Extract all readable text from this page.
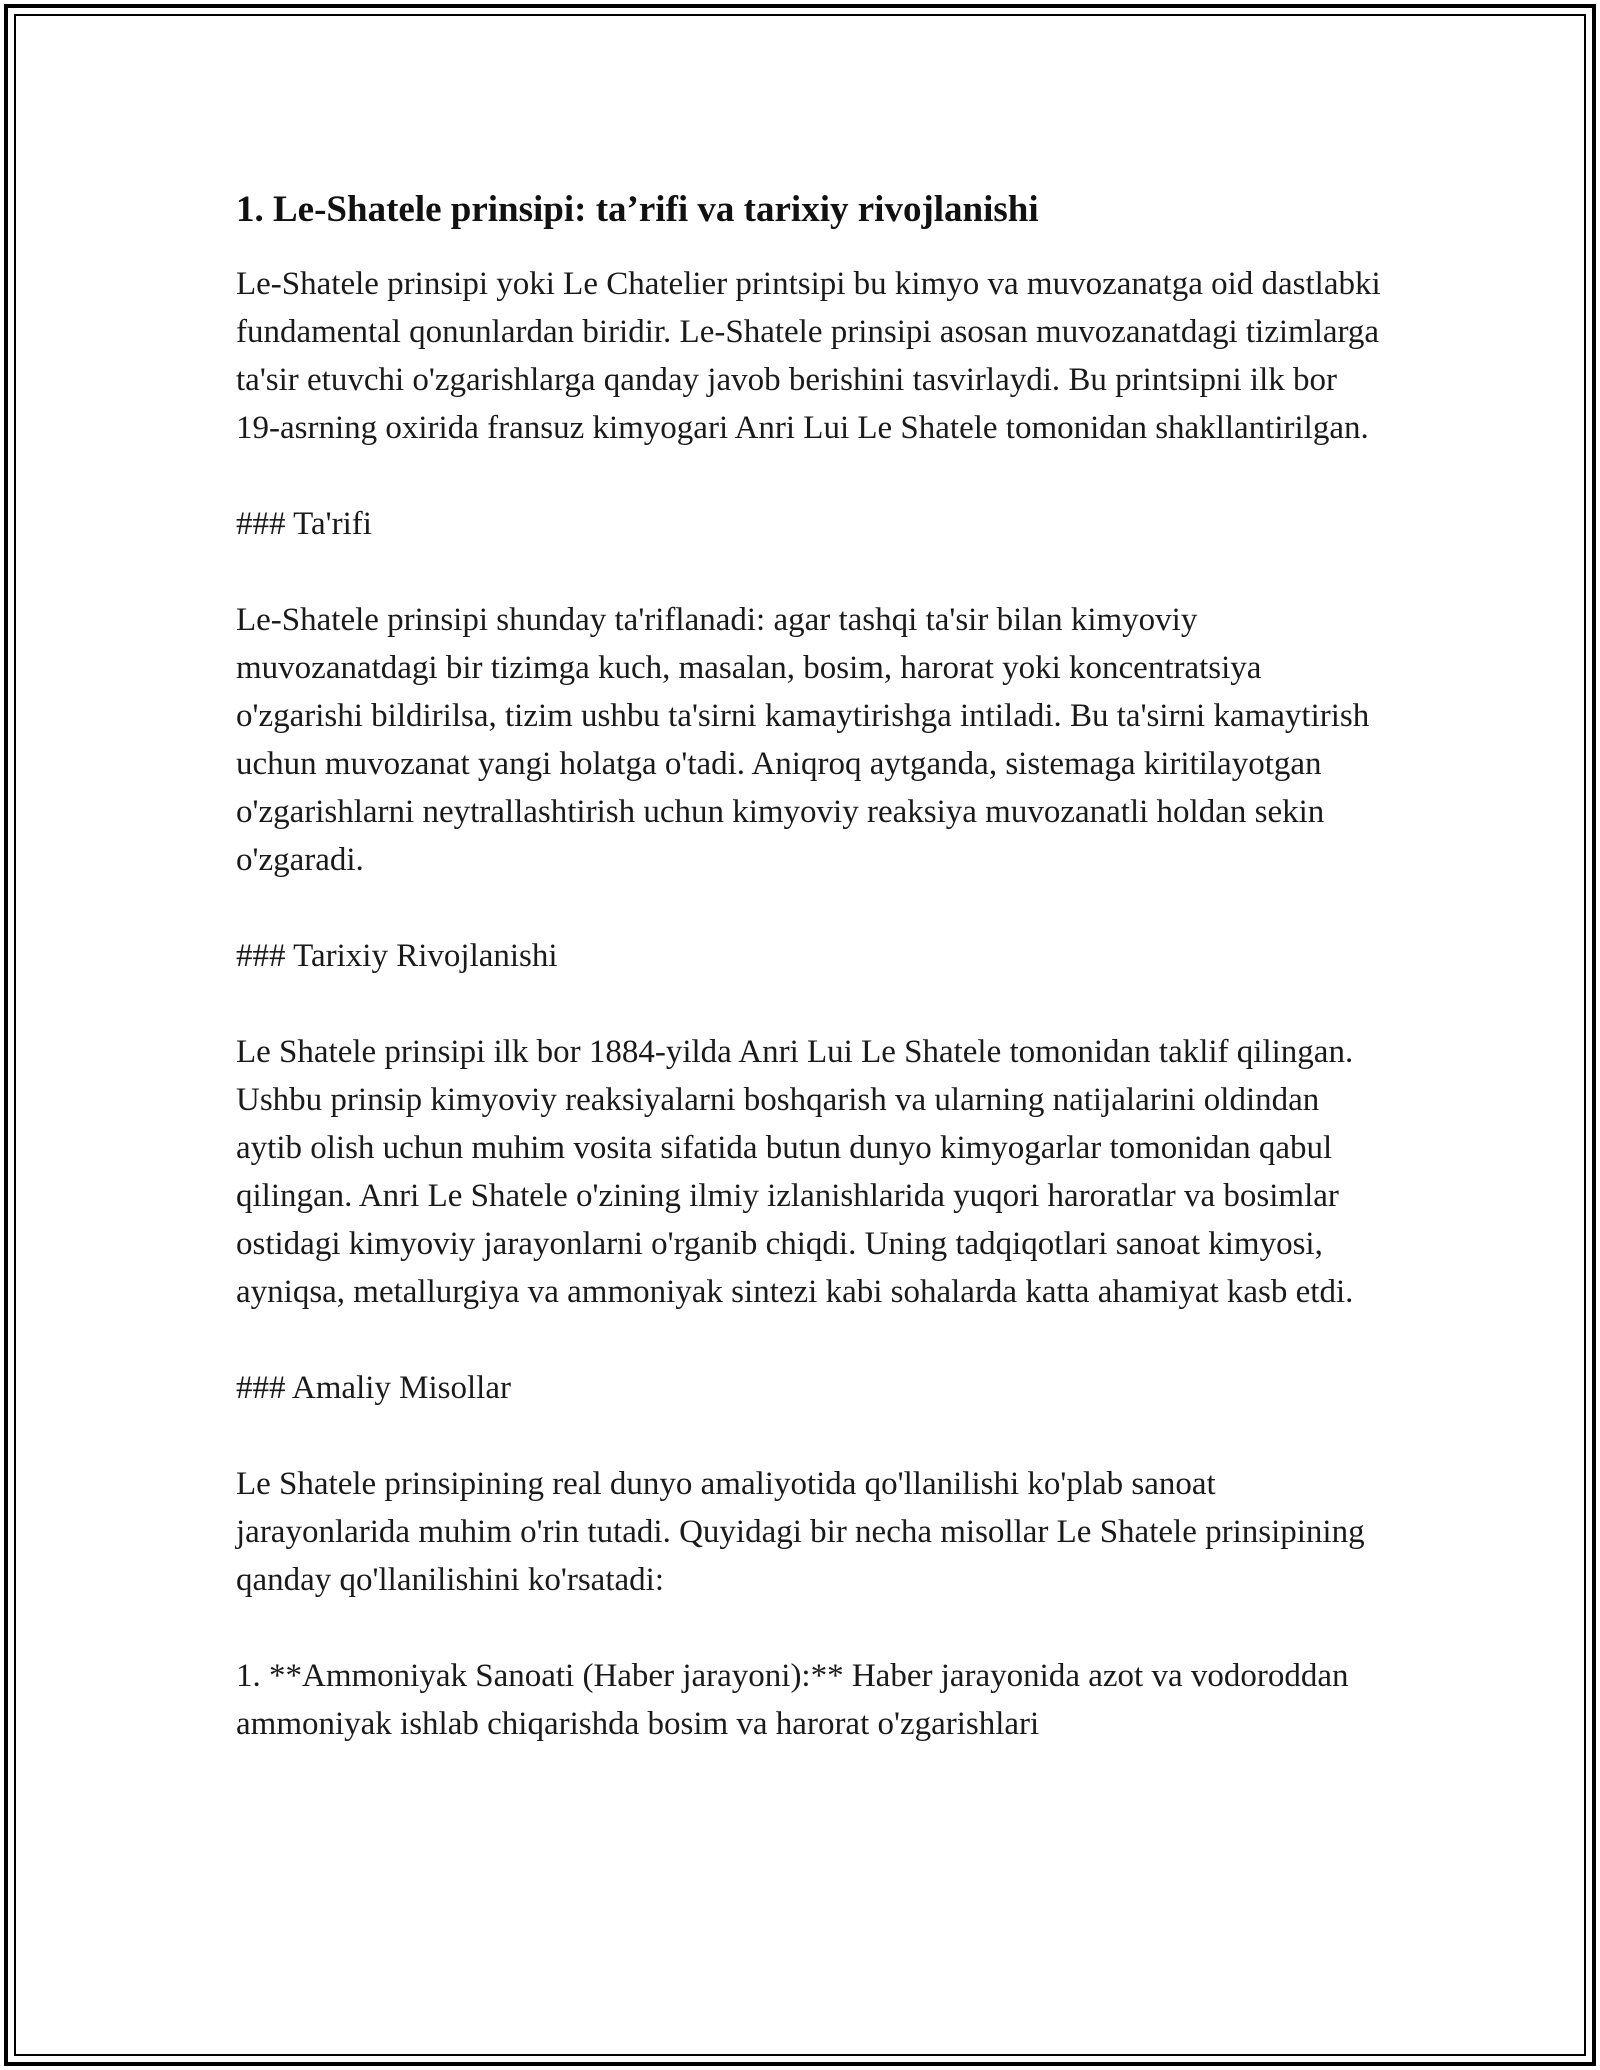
1. Le-Shatele prinsipi: ta’rifi va tarixiy rivojlanishi

Le-Shatele prinsipi yoki Le Chatelier printsipi bu kimyo va muvozanatga oid dastlabki fundamental qonunlardan biridir. Le-Shatele prinsipi asosan muvozanatdagi tizimlarga ta'sir etuvchi o'zgarishlarga qanday javob berishini tasvirlaydi. Bu printsipni ilk bor 19-asrning oxirida fransuz kimyogari Anri Lui Le Shatele tomonidan shakllantirilgan.

### Ta'rifi

Le-Shatele prinsipi shunday ta'riflanadi: agar tashqi ta'sir bilan kimyoviy muvozanatdagi bir tizimga kuch, masalan, bosim, harorat yoki koncentratsiya o'zgarishi bildirilsa, tizim ushbu ta'sirni kamaytirishga intiladi. Bu ta'sirni kamaytirish uchun muvozanat yangi holatga o'tadi. Aniqroq aytganda, sistemaga kiritilayotgan o'zgarishlarni neytrallashtirish uchun kimyoviy reaksiya muvozanatli holdan sekin o'zgaradi.

### Tarixiy Rivojlanishi

Le Shatele prinsipi ilk bor 1884-yilda Anri Lui Le Shatele tomonidan taklif qilingan. Ushbu prinsip kimyoviy reaksiyalarni boshqarish va ularning natijalarini oldindan aytib olish uchun muhim vosita sifatida butun dunyo kimyogarlar tomonidan qabul qilingan. Anri Le Shatele o'zining ilmiy izlanishlarida yuqori haroratlar va bosimlar ostidagi kimyoviy jarayonlarni o'rganib chiqdi. Uning tadqiqotlari sanoat kimyosi, ayniqsa, metallurgiya va ammoniyak sintezi kabi sohalarda katta ahamiyat kasb etdi.

### Amaliy Misollar

Le Shatele prinsipining real dunyo amaliyotida qo'llanilishi ko'plab sanoat jarayonlarida muhim o'rin tutadi. Quyidagi bir necha misollar Le Shatele prinsipining qanday qo'llanilishini ko'rsatadi:

1. **Ammoniyak Sanoati (Haber jarayoni):** Haber jarayonida azot va vodoroddan ammoniyak ishlab chiqarishda bosim va harorat o'zgarishlari
